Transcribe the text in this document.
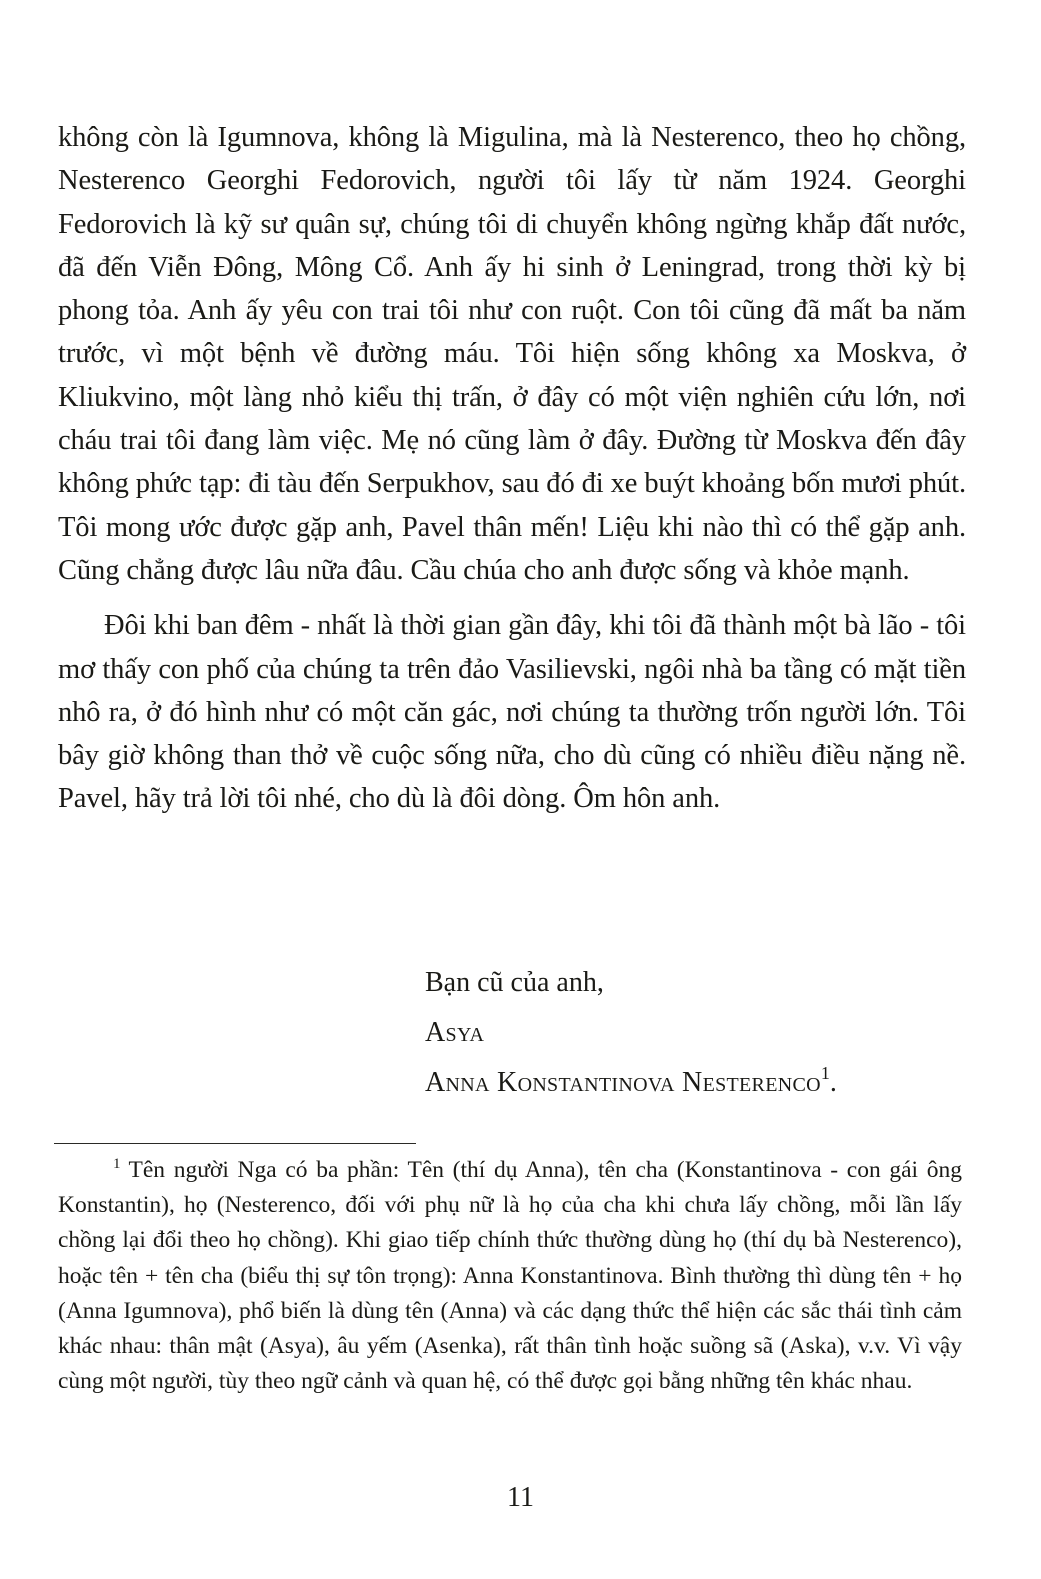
không còn là Igumnova, không là Migulina, mà là Nesterenco, theo họ chồng, Nesterenco Georghi Fedorovich, người tôi lấy từ năm 1924. Georghi Fedorovich là kỹ sư quân sự, chúng tôi di chuyển không ngừng khắp đất nước, đã đến Viễn Đông, Mông Cổ. Anh ấy hi sinh ở Leningrad, trong thời kỳ bị phong tỏa. Anh ấy yêu con trai tôi như con ruột. Con tôi cũng đã mất ba năm trước, vì một bệnh về đường máu. Tôi hiện sống không xa Moskva, ở Kliukvino, một làng nhỏ kiểu thị trấn, ở đây có một viện nghiên cứu lớn, nơi cháu trai tôi đang làm việc. Mẹ nó cũng làm ở đây. Đường từ Moskva đến đây không phức tạp: đi tàu đến Serpukhov, sau đó đi xe buýt khoảng bốn mươi phút. Tôi mong ước được gặp anh, Pavel thân mến! Liệu khi nào thì có thể gặp anh. Cũng chẳng được lâu nữa đâu. Cầu chúa cho anh được sống và khỏe mạnh.

Đôi khi ban đêm - nhất là thời gian gần đây, khi tôi đã thành một bà lão - tôi mơ thấy con phố của chúng ta trên đảo Vasilievski, ngôi nhà ba tầng có mặt tiền nhô ra, ở đó hình như có một căn gác, nơi chúng ta thường trốn người lớn. Tôi bây giờ không than thở về cuộc sống nữa, cho dù cũng có nhiều điều nặng nề. Pavel, hãy trả lời tôi nhé, cho dù là đôi dòng. Ôm hôn anh.

Bạn cũ của anh,
Asya
Anna Konstantinova Nesterenco$^1$.

$^1$ Tên người Nga có ba phần: Tên (thí dụ Anna), tên cha (Konstantinova - con gái ông Konstantin), họ (Nesterenco, đối với phụ nữ là họ của cha khi chưa lấy chồng, mỗi lần lấy chồng lại đổi theo họ chồng). Khi giao tiếp chính thức thường dùng họ (thí dụ bà Nesterenco), hoặc tên + tên cha (biểu thị sự tôn trọng): Anna Konstantinova. Bình thường thì dùng tên + họ (Anna Igumnova), phổ biến là dùng tên (Anna) và các dạng thức thể hiện các sắc thái tình cảm khác nhau: thân mật (Asya), âu yếm (Asenka), rất thân tình hoặc suồng sã (Aska), v.v. Vì vậy cùng một người, tùy theo ngữ cảnh và quan hệ, có thể được gọi bằng những tên khác nhau.

11
